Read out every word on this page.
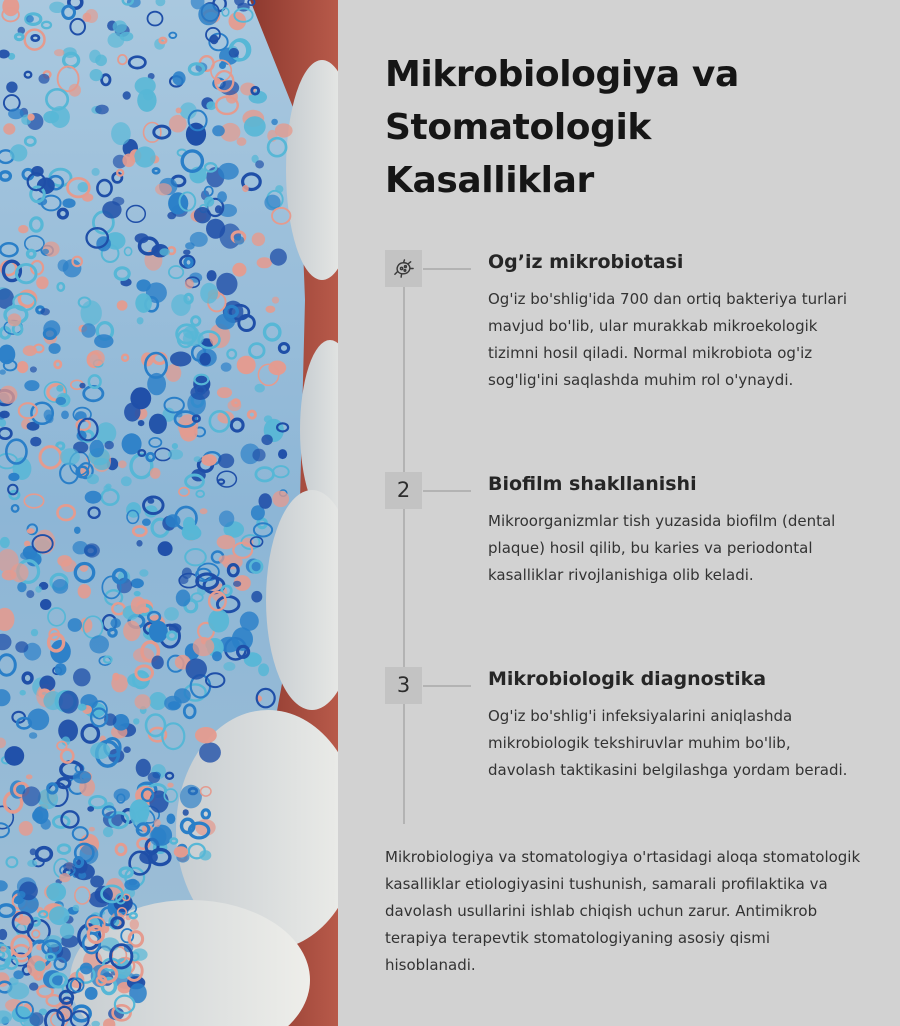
Mikrobiologiya va Stomatologik Kasalliklar
Og’iz mikrobiotasi

Og'iz bo'shlig'ida 700 dan ortiq bakteriya turlari mavjud bo'lib, ular murakkab mikroekologik tizimni hosil qiladi. Normal mikrobiota og'iz sog'lig'ini saqlashda muhim rol o'ynaydi.

2	Biofilm shakllanishi

Mikroorganizmlar tish yuzasida biofilm (dental plaque) hosil qilib, bu karies va periodontal kasalliklar rivojlanishiga olib keladi.

3	Mikrobiologik diagnostika

Og'iz bo'shlig'i infeksiyalarini aniqlashda mikrobiologik tekshiruvlar muhim bo'lib, davolash taktikasini belgilashga yordam beradi.

Mikrobiologiya va stomatologiya o'rtasidagi aloqa stomatologik kasalliklar etiologiyasini tushunish, samarali profilaktika va davolash usullarini ishlab chiqish uchun zarur. Antimikrob terapiya terapevtik stomatologiyaning asosiy qismi hisoblanadi.
